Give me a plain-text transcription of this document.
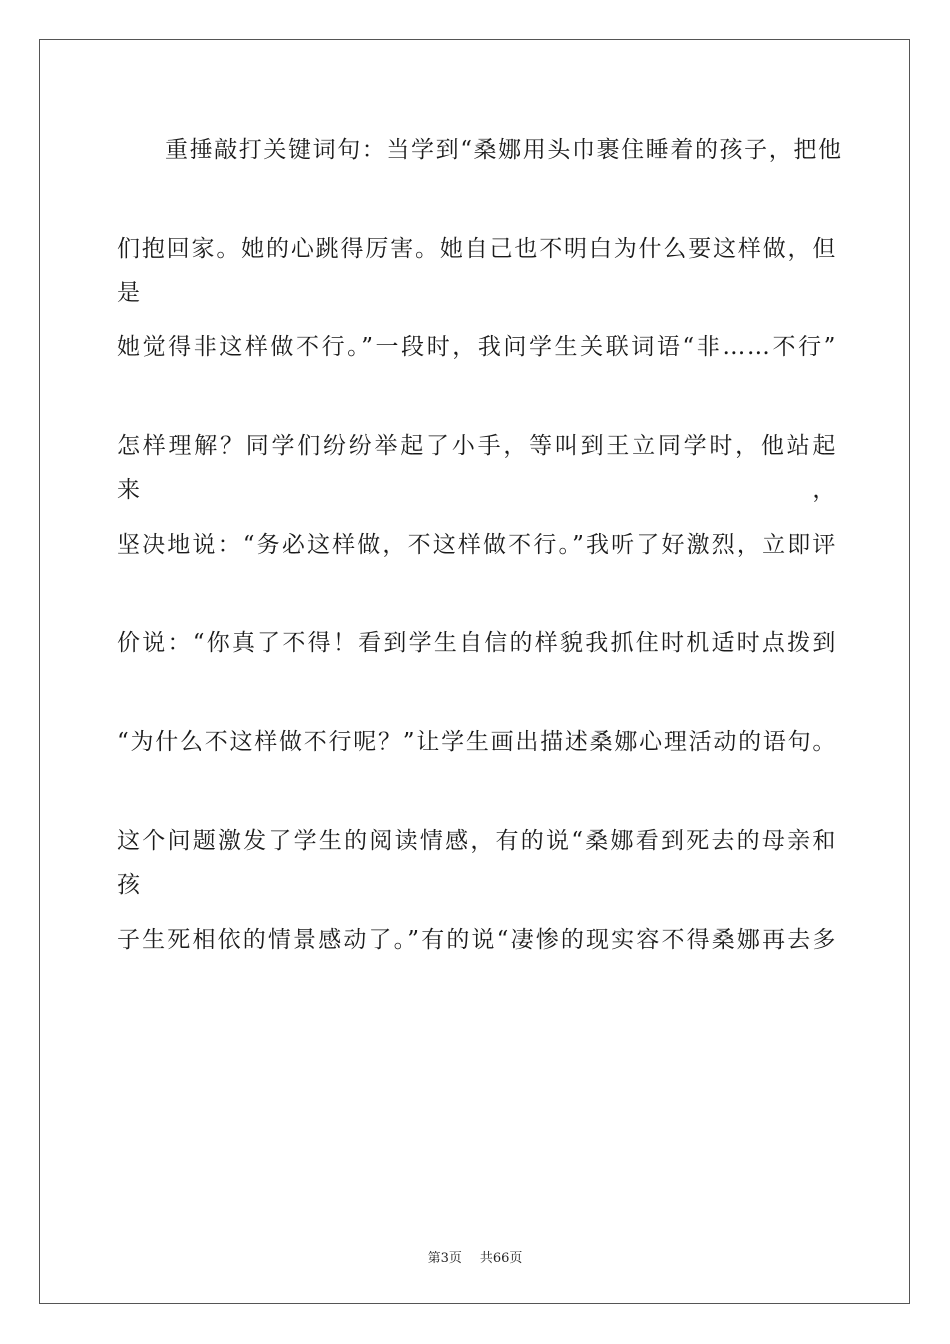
重捶敲打关键词句：当学到“桑娜用头巾裹住睡着的孩子，把他
们抱回家。她的心跳得厉害。她自己也不明白为什么要这样做，但是
她觉得非这样做不行。”一段时，我问学生关联词语“非……不行”
怎样理解？同学们纷纷举起了小手，等叫到王立同学时，他站起来，
坚决地说：“务必这样做，不这样做不行。”我听了好激烈，立即评
价说：“你真了不得！看到学生自信的样貌我抓住时机适时点拨到
“为什么不这样做不行呢？”让学生画出描述桑娜心理活动的语句。
这个问题激发了学生的阅读情感，有的说“桑娜看到死去的母亲和孩
子生死相依的情景感动了。”有的说“凄惨的现实容不得桑娜再去多
第3页 共66页
